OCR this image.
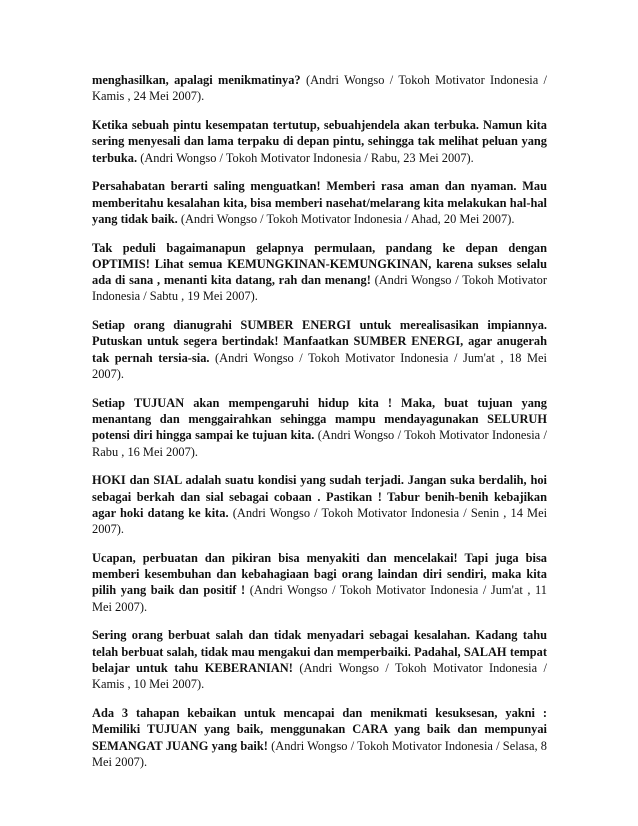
menghasilkan, apalagi menikmatinya? (Andri Wongso / Tokoh Motivator Indonesia / Kamis , 24 Mei 2007).

Ketika sebuah pintu kesempatan tertutup, sebuahjendela akan terbuka. Namun kita sering menyesali dan lama terpaku di depan pintu, sehingga tak melihat peluan yang terbuka. (Andri Wongso / Tokoh Motivator Indonesia / Rabu, 23 Mei 2007).

Persahabatan berarti saling menguatkan! Memberi rasa aman dan nyaman. Mau memberitahu kesalahan kita, bisa memberi nasehat/melarang kita melakukan hal-hal yang tidak baik. (Andri Wongso / Tokoh Motivator Indonesia / Ahad, 20 Mei 2007).

Tak peduli bagaimanapun gelapnya permulaan, pandang ke depan dengan OPTIMIS! Lihat semua KEMUNGKINAN-KEMUNGKINAN, karena sukses selalu ada di sana , menanti kita datang, rah dan menang! (Andri Wongso / Tokoh Motivator Indonesia / Sabtu , 19 Mei 2007).

Setiap orang dianugrahi SUMBER ENERGI untuk merealisasikan impiannya. Putuskan untuk segera bertindak! Manfaatkan SUMBER ENERGI, agar anugerah tak pernah tersia-sia. (Andri Wongso / Tokoh Motivator Indonesia / Jum'at , 18 Mei 2007).

Setiap TUJUAN akan mempengaruhi hidup kita ! Maka, buat tujuan yang menantang dan menggairahkan sehingga mampu mendayagunakan SELURUH potensi diri hingga sampai ke tujuan kita. (Andri Wongso / Tokoh Motivator Indonesia / Rabu , 16 Mei 2007).

HOKI dan SIAL adalah suatu kondisi yang sudah terjadi. Jangan suka berdalih, hoi sebagai berkah dan sial sebagai cobaan . Pastikan ! Tabur benih-benih kebajikan agar hoki datang ke kita. (Andri Wongso / Tokoh Motivator Indonesia / Senin , 14 Mei 2007).

Ucapan, perbuatan dan pikiran bisa menyakiti dan mencelakai! Tapi juga bisa memberi kesembuhan dan kebahagiaan bagi orang laindan diri sendiri, maka kita pilih yang baik dan positif ! (Andri Wongso / Tokoh Motivator Indonesia / Jum'at , 11 Mei 2007).

Sering orang berbuat salah dan tidak menyadari sebagai kesalahan. Kadang tahu telah berbuat salah, tidak mau mengakui dan memperbaiki. Padahal, SALAH tempat belajar untuk tahu KEBERANIAN! (Andri Wongso / Tokoh Motivator Indonesia / Kamis , 10 Mei 2007).

Ada 3 tahapan kebaikan untuk mencapai dan menikmati kesuksesan, yakni : Memiliki TUJUAN yang baik, menggunakan CARA yang baik dan mempunyai SEMANGAT JUANG yang baik! (Andri Wongso / Tokoh Motivator Indonesia / Selasa, 8 Mei 2007).
